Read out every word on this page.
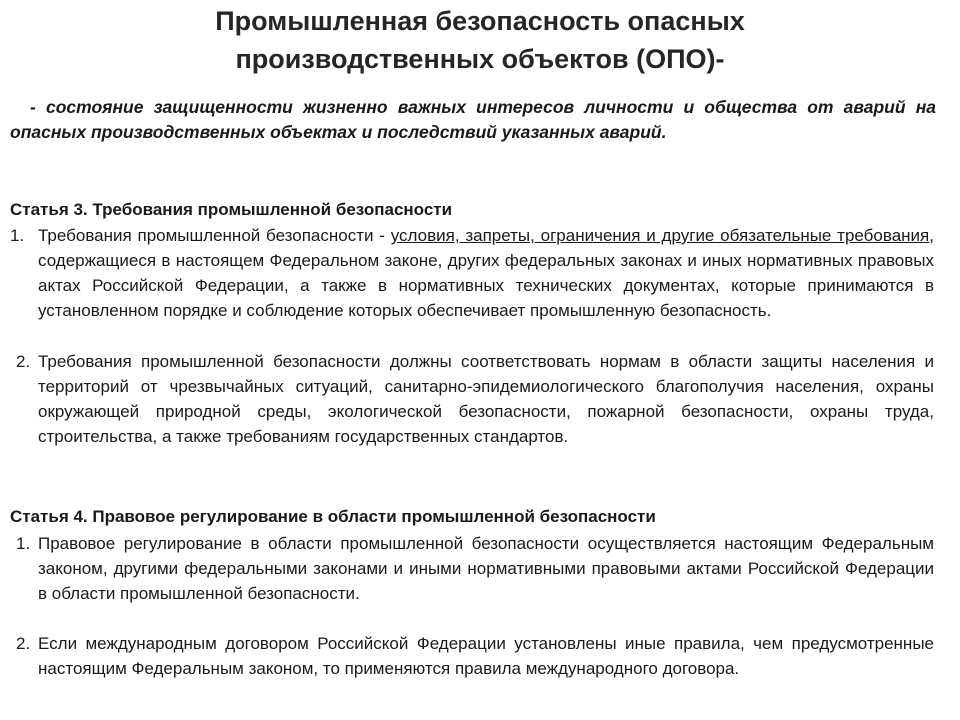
Промышленная безопасность опасных
производственных объектов (ОПО)-
- состояние защищенности жизненно важных интересов личности и общества от аварий на опасных производственных объектах и последствий указанных аварий.
Статья 3. Требования промышленной безопасности
1. Требования промышленной безопасности - условия, запреты, ограничения и другие обязательные требования, содержащиеся в настоящем Федеральном законе, других федеральных законах и иных нормативных правовых актах Российской Федерации, а также в нормативных технических документах, которые принимаются в установленном порядке и соблюдение которых обеспечивает промышленную безопасность.
2. Требования промышленной безопасности должны соответствовать нормам в области защиты населения и территорий от чрезвычайных ситуаций, санитарно-эпидемиологического благополучия населения, охраны окружающей природной среды, экологической безопасности, пожарной безопасности, охраны труда, строительства, а также требованиям государственных стандартов.
Статья 4. Правовое регулирование в области промышленной безопасности
1. Правовое регулирование в области промышленной безопасности осуществляется настоящим Федеральным законом, другими федеральными законами и иными нормативными правовыми актами Российской Федерации в области промышленной безопасности.
2. Если международным договором Российской Федерации установлены иные правила, чем предусмотренные настоящим Федеральным законом, то применяются правила международного договора.
